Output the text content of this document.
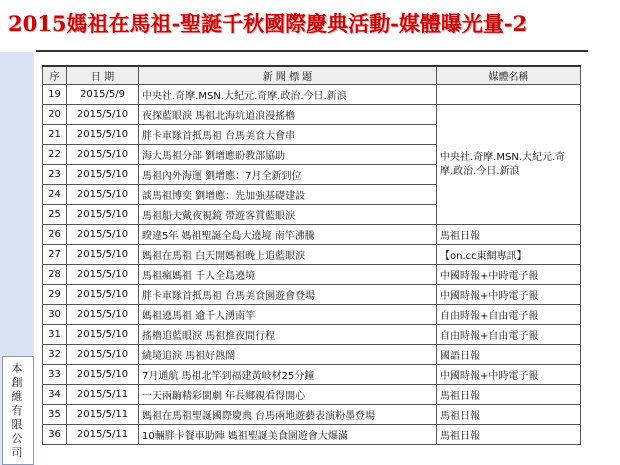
2015媽祖在馬祖-聖誕千秋國際慶典活動-媒體曝光量-2
本
創
維
有
限
公
司
序	日 期	新 聞 標 題	媒體名稱
19	2015/5/9	中央社.奇摩.MSN.大紀元.奇摩.政治.今日.新浪	
20	2015/5/10	夜探藍眼淚 馬祖北海坑道浪漫搖櫓	中央社.奇摩.MSN.大紀元.奇摩.政治.今日.新浪
21	2015/5/10	胖卡車隊首抵馬祖 台馬美食大會串	
22	2015/5/10	海大馬祖分部 劉增應盼教部協助	
23	2015/5/10	馬祖內外海運 劉增應：7月全新到位	
24	2015/5/10	談馬祖博奕 劉增應：先加強基礎建設	
25	2015/5/10	馬祖船夫戴夜視鏡 帶遊客賞藍眼淚	
26	2015/5/10	睽違5年 媽祖聖誕全島大遶境 南竿沸騰	馬祖日報
27	2015/5/10	媽祖在馬祖 白天開媽祖晚上追藍眼淚	【on.cc東網專訊】
28	2015/5/10	馬祖瘋媽祖 千人全島遶境	中國時報+中時電子報
29	2015/5/10	胖卡車隊首抵馬祖 台馬美食園遊會登場	中國時報+中時電子報
30	2015/5/10	媽祖遶馬祖 逾千人湧南竿	自由時報+自由電子報
31	2015/5/10	搖櫓追藍眼淚 馬祖推夜間行程	自由時報+自由電子報
32	2015/5/10	繞境追淚 馬祖好熱鬧	國語日報
33	2015/5/10	7月通航 馬祖北竿到福建黃岐材25分鐘	中國時報+中時電子報
34	2015/5/11	一天兩齣精彩閩劇 年長鄉親看得開心	馬祖日報
35	2015/5/11	媽祖在馬祖聖誕國際慶典 台馬兩地遊藝表演粉墨登場	馬祖日報
36	2015/5/11	10輛胖卡餐車助陣 媽祖聖誕美食園遊會大爆滿	馬祖日報
